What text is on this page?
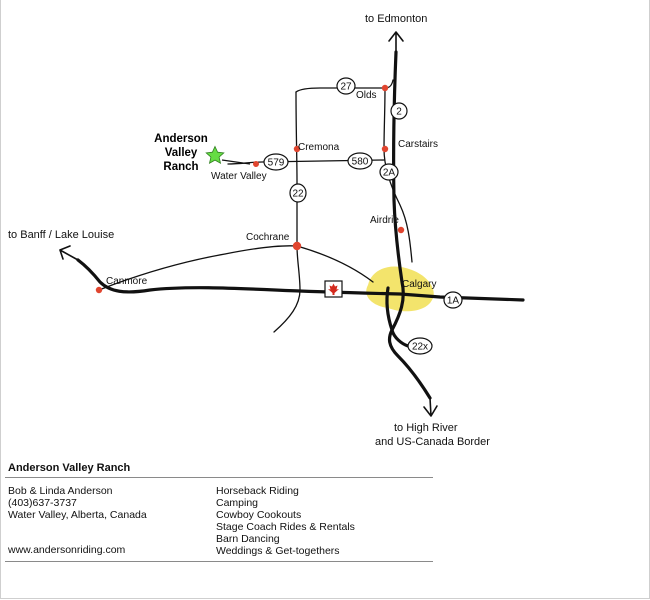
27
2
579	580
2A
22
1A
22x
Anderson
Valley
Ranch
to Edmonton
Olds
Cremona	Carstairs
Water Valley
Airdrie
Cochrane
to Banff / Lake Louise
Canmore	Calgary
to High River
and US-Canada Border
Anderson Valley Ranch
Bob & Linda Anderson
(403)637-3737
Water Valley, Alberta, Canada
www.andersonriding.com
Horseback Riding
Camping
Cowboy Cookouts
Stage Coach Rides & Rentals
Barn Dancing
Weddings & Get-togethers
